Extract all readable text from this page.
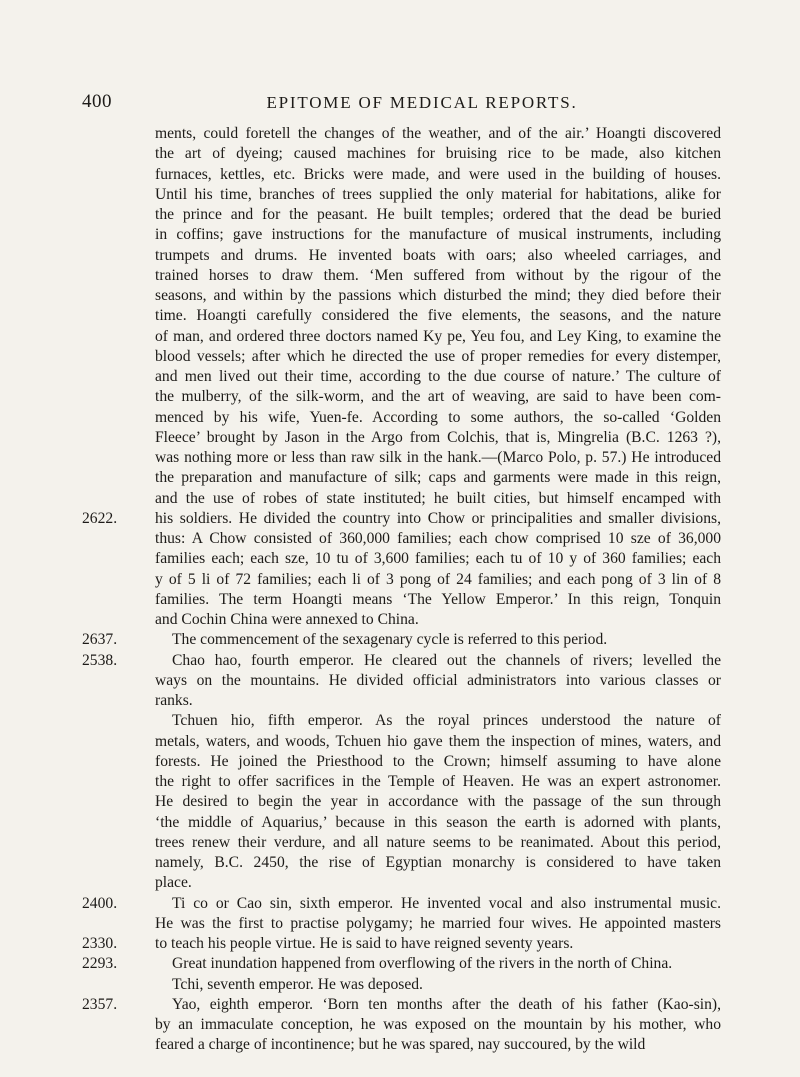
400	EPITOME OF MEDICAL REPORTS.
ments, could foretell the changes of the weather, and of the air.’ Hoangti discovered
the art of dyeing; caused machines for bruising rice to be made, also kitchen
furnaces, kettles, etc. Bricks were made, and were used in the building of houses.
Until his time, branches of trees supplied the only material for habitations, alike for
the prince and for the peasant. He built temples; ordered that the dead be buried
in coffins; gave instructions for the manufacture of musical instruments, including
trumpets and drums. He invented boats with oars; also wheeled carriages, and
trained horses to draw them. ‘Men suffered from without by the rigour of the
seasons, and within by the passions which disturbed the mind; they died before their
time. Hoangti carefully considered the five elements, the seasons, and the nature
of man, and ordered three doctors named Ky pe, Yeu fou, and Ley King, to examine the
blood vessels; after which he directed the use of proper remedies for every distemper,
and men lived out their time, according to the due course of nature.’ The culture of
the mulberry, of the silk-worm, and the art of weaving, are said to have been com-
menced by his wife, Yuen-fe. According to some authors, the so-called ‘Golden
Fleece’ brought by Jason in the Argo from Colchis, that is, Mingrelia (B.C. 1263 ?),
was nothing more or less than raw silk in the hank.—(Marco Polo, p. 57.) He introduced
the preparation and manufacture of silk; caps and garments were made in this reign,
and the use of robes of state instituted; he built cities, but himself encamped with
2622. his soldiers. He divided the country into Chow or principalities and smaller divisions,
thus: A Chow consisted of 360,000 families; each chow comprised 10 sze of 36,000
families each; each sze, 10 tu of 3,600 families; each tu of 10 y of 360 families; each
y of 5 li of 72 families; each li of 3 pong of 24 families; and each pong of 3 lin of 8
families. The term Hoangti means ‘The Yellow Emperor.’ In this reign, Tonquin
and Cochin China were annexed to China.
2637.	The commencement of the sexagenary cycle is referred to this period.
2538.	Chao hao, fourth emperor. He cleared out the channels of rivers; levelled the
ways on the mountains. He divided official administrators into various classes or
ranks.
Tchuen hio, fifth emperor. As the royal princes understood the nature of
metals, waters, and woods, Tchuen hio gave them the inspection of mines, waters, and
forests. He joined the Priesthood to the Crown; himself assuming to have alone
the right to offer sacrifices in the Temple of Heaven. He was an expert astronomer.
He desired to begin the year in accordance with the passage of the sun through
‘the middle of Aquarius,’ because in this season the earth is adorned with plants,
trees renew their verdure, and all nature seems to be reanimated. About this period,
namely, B.C. 2450, the rise of Egyptian monarchy is considered to have taken
place.
2400.	Ti co or Cao sin, sixth emperor. He invented vocal and also instrumental music.
He was the first to practise polygamy; he married four wives. He appointed masters
2330. to teach his people virtue. He is said to have reigned seventy years.
2293.	Great inundation happened from overflowing of the rivers in the north of China.
Tchi, seventh emperor. He was deposed.
2357.	Yao, eighth emperor. ‘Born ten months after the death of his father (Kao-sin),
by an immaculate conception, he was exposed on the mountain by his mother, who
feared a charge of incontinence; but he was spared, nay succoured, by the wild
